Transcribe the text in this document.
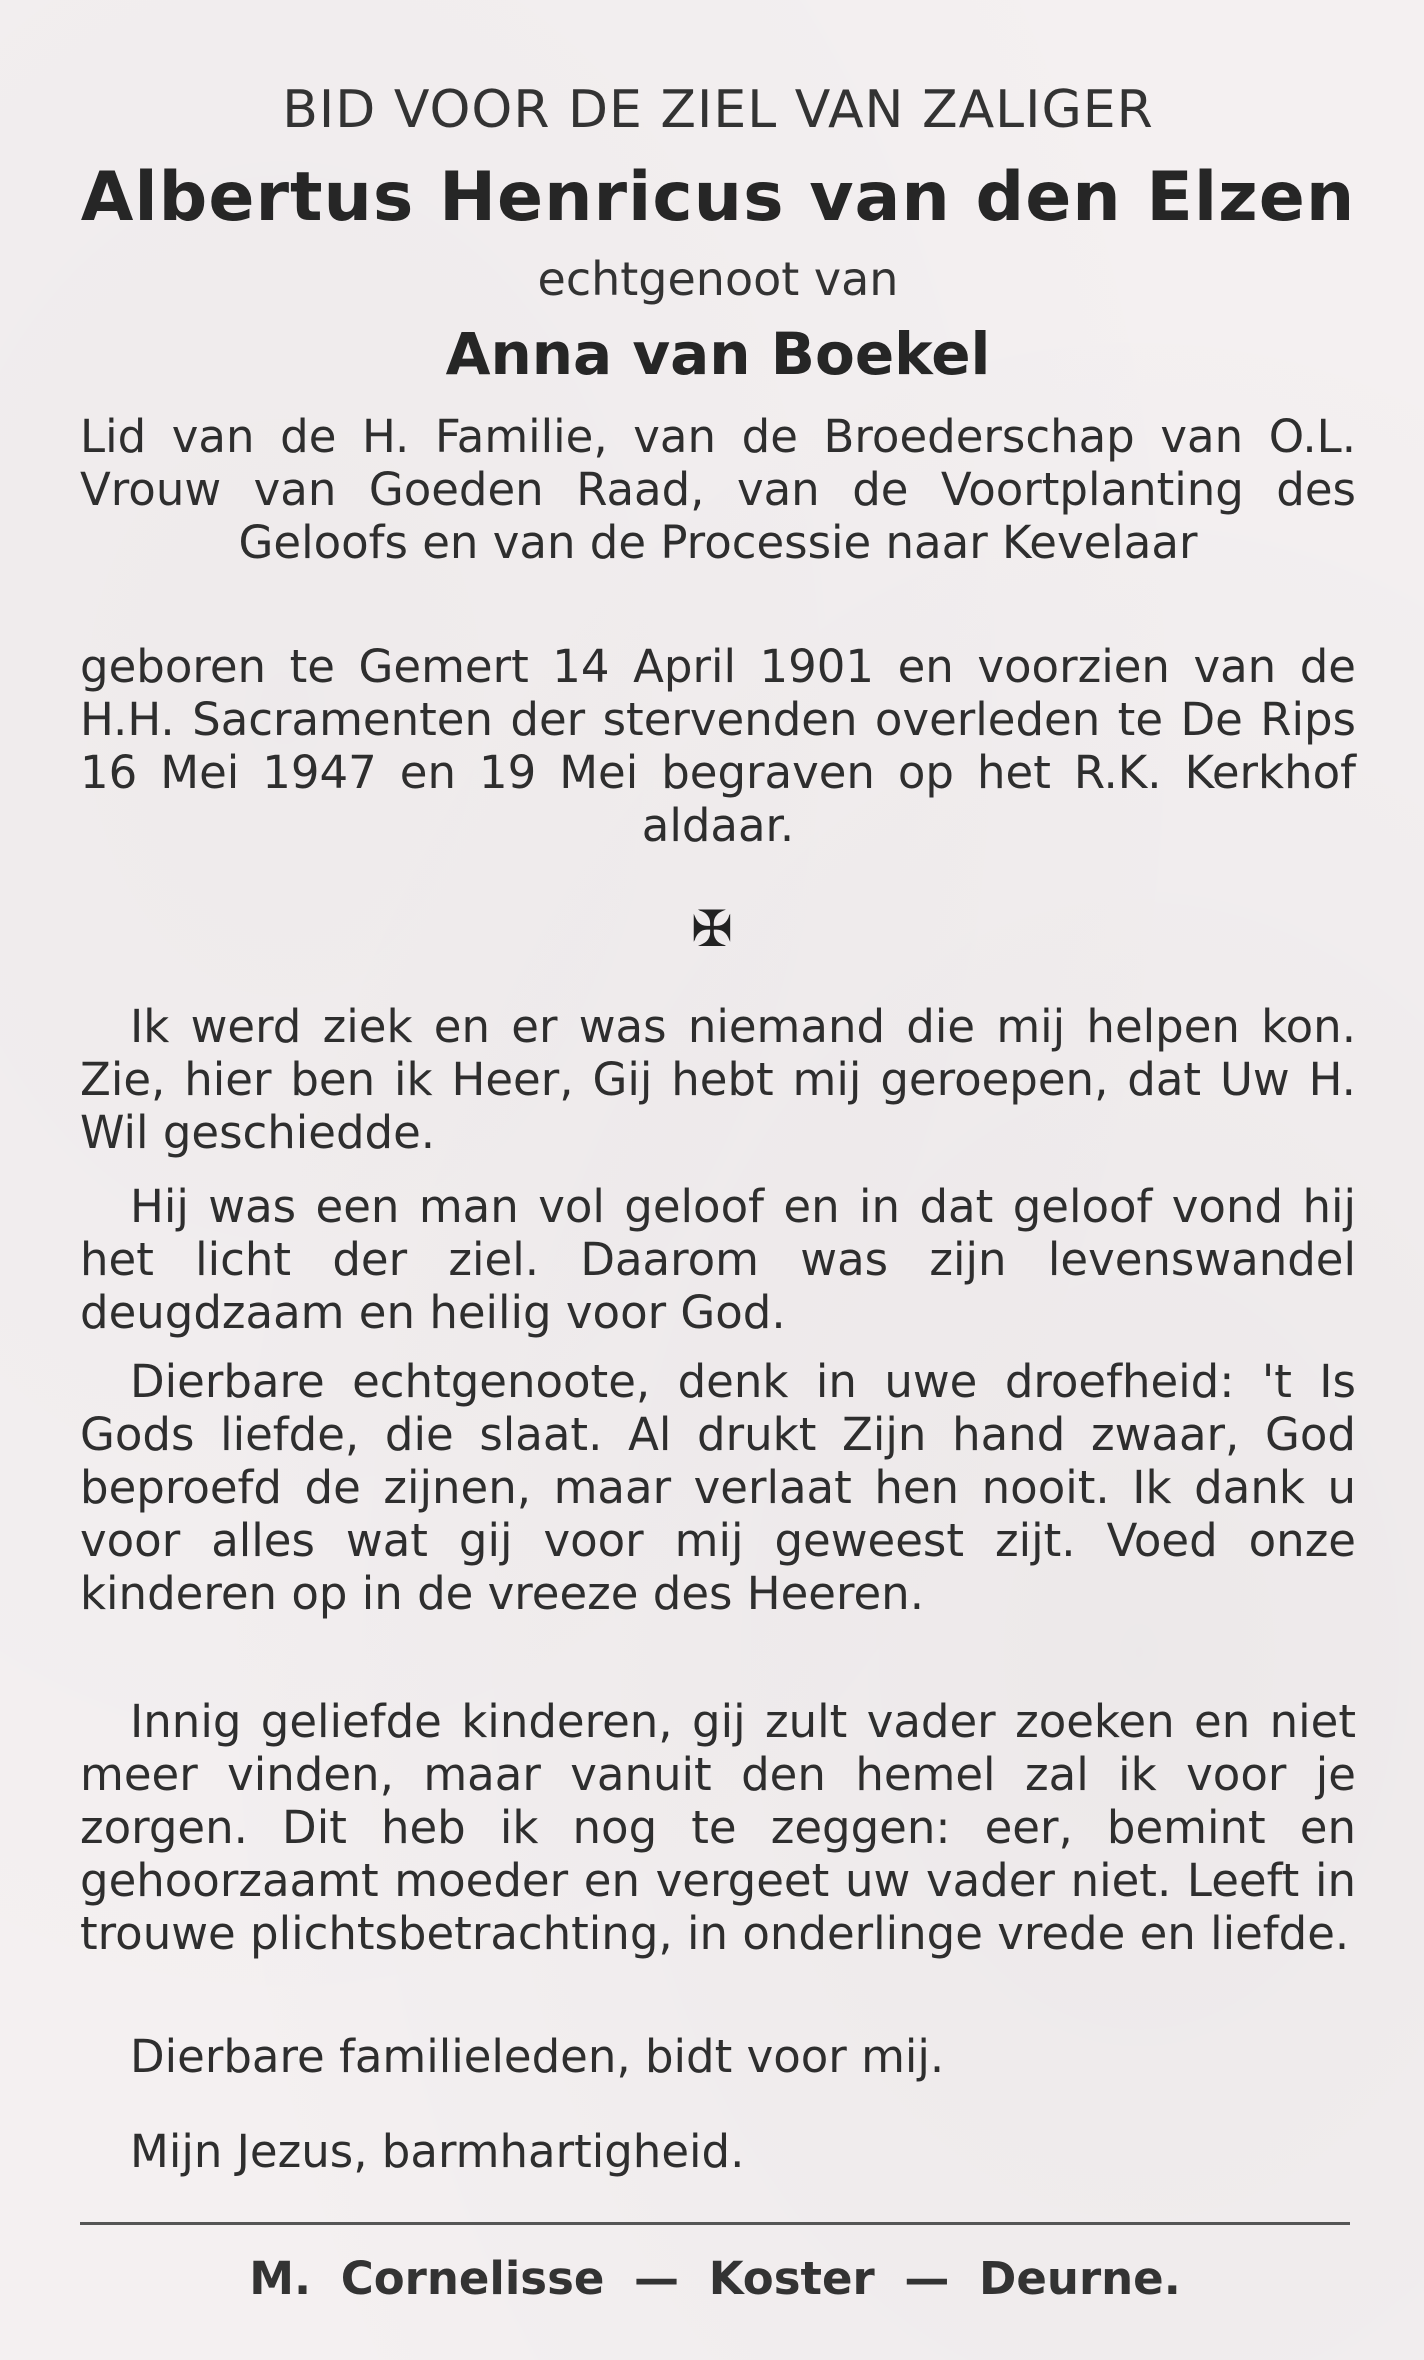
BID VOOR DE ZIEL VAN ZALIGER
Albertus Henricus van den Elzen
echtgenoot van
Anna van Boekel

Lid van de H. Familie, van de Broederschap van O.L. Vrouw van Goeden Raad, van de Voortplanting des Geloofs en van de Processie naar Kevelaar

geboren te Gemert 14 April 1901 en voorzien van de H.H. Sacramenten der stervenden overleden te De Rips 16 Mei 1947 en 19 Mei begraven op het R.K. Kerkhof aldaar.

✠

Ik werd ziek en er was niemand die mij helpen kon. Zie, hier ben ik Heer, Gij hebt mij geroepen, dat Uw H. Wil geschiedde.

Hij was een man vol geloof en in dat geloof vond hij het licht der ziel. Daarom was zijn levenswandel deugdzaam en heilig voor God.

Dierbare echtgenoote, denk in uwe droefheid: 't Is Gods liefde, die slaat. Al drukt Zijn hand zwaar, God beproefd de zijnen, maar verlaat hen nooit. Ik dank u voor alles wat gij voor mij geweest zijt. Voed onze kinderen op in de vreeze des Heeren.

Innig geliefde kinderen, gij zult vader zoeken en niet meer vinden, maar vanuit den hemel zal ik voor je zorgen. Dit heb ik nog te zeggen: eer, bemint en gehoorzaamt moeder en vergeet uw vader niet. Leeft in trouwe plichtsbetrachting, in onderlinge vrede en liefde.

Dierbare familieleden, bidt voor mij.

Mijn Jezus, barmhartigheid.

M. Cornelisse — Koster — Deurne.
